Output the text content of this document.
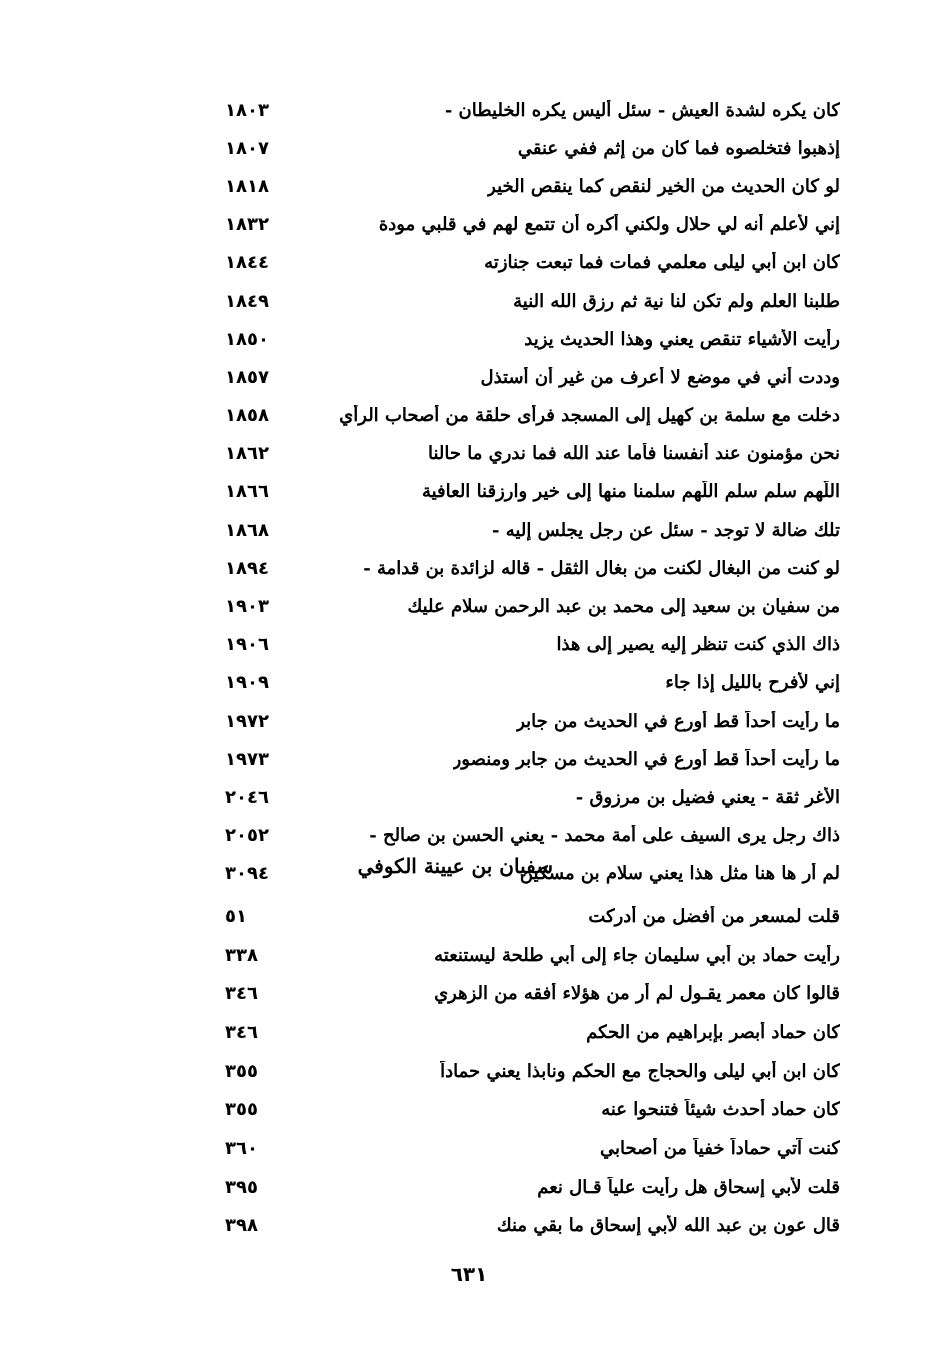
كان يكره لشدة العيش - سئل أليس يكره الخليطان -
١٨٠٣
إذهبوا فتخلصوه فما كان من إثم ففي عنقي
١٨٠٧
لو كان الحديث من الخير لنقص كما ينقص الخير
١٨١٨
إني لأعلم أنه لي حلال ولكني أكره أن تتمع لهم في قلبي مودة
١٨٣٢
كان ابن أبي ليلى معلمي فمات فما تبعت جنازته
١٨٤٤
طلبنا العلم ولم تكن لنا نية ثم رزق الله النية
١٨٤٩
رأيت الأشياء تنقص يعني وهذا الحديث يزيد
١٨٥٠
وددت أني في موضع لا أعرف من غير أن أستذل
١٨٥٧
دخلت مع سلمة بن كهيل إلى المسجد فرأى حلقة من أصحاب الرأي
١٨٥٨
نحن مؤمنون عند أنفسنا فأما عند الله فما ندري ما حالنا
١٨٦٢
اللّهم سلم سلم اللّهم سلمنا منها إلى خير وارزقنا العافية
١٨٦٦
تلك ضالة لا توجد - سئل عن رجل يجلس إليه -
١٨٦٨
لو كنت من البغال لكنت من بغال الثقل - قاله لزائدة بن قدامة -
١٨٩٤
من سفيان بن سعيد إلى محمد بن عبد الرحمن سلام عليك
١٩٠٣
ذاك الذي كنت تنظر إليه يصير إلى هذا
١٩٠٦
إني لأفرح بالليل إذا جاء
١٩٠٩
ما رأيت أحداً قط أورع في الحديث من جابر
١٩٧٢
ما رأيت أحداً قط أورع في الحديث من جابر ومنصور
١٩٧٣
الأغر ثقة - يعني فضيل بن مرزوق -
٢٠٤٦
ذاك رجل يرى السيف على أمة محمد - يعني الحسن بن صالح -
٢٠٥٢
لم أر ها هنا مثل هذا يعني سلام بن مسكين
٣٠٩٤	سفيان بن عيينة الكوفي
قلت لمسعر من أفضل من أدركت
٥١
رأيت حماد بن أبي سليمان جاء إلى أبي طلحة ليستنعته
٣٣٨
قالوا كان معمر يقـول لم أر من هؤلاء أفقه من الزهري
٣٤٦
كان حماد أبصر بإبراهيم من الحكم
٣٤٦
كان ابن أبي ليلى والحجاج مع الحكم ونابذا يعني حماداً
٣٥٥
كان حماد أحدث شيئاً فتنحوا عنه
٣٥٥
كنت آتي حماداً خفياً من أصحابي
٣٦٠
قلت لأبي إسحاق هل رأيت علياً قـال نعم
٣٩٥
قال عون بن عبد الله لأبي إسحاق ما بقي منك
٣٩٨
٦٣١
